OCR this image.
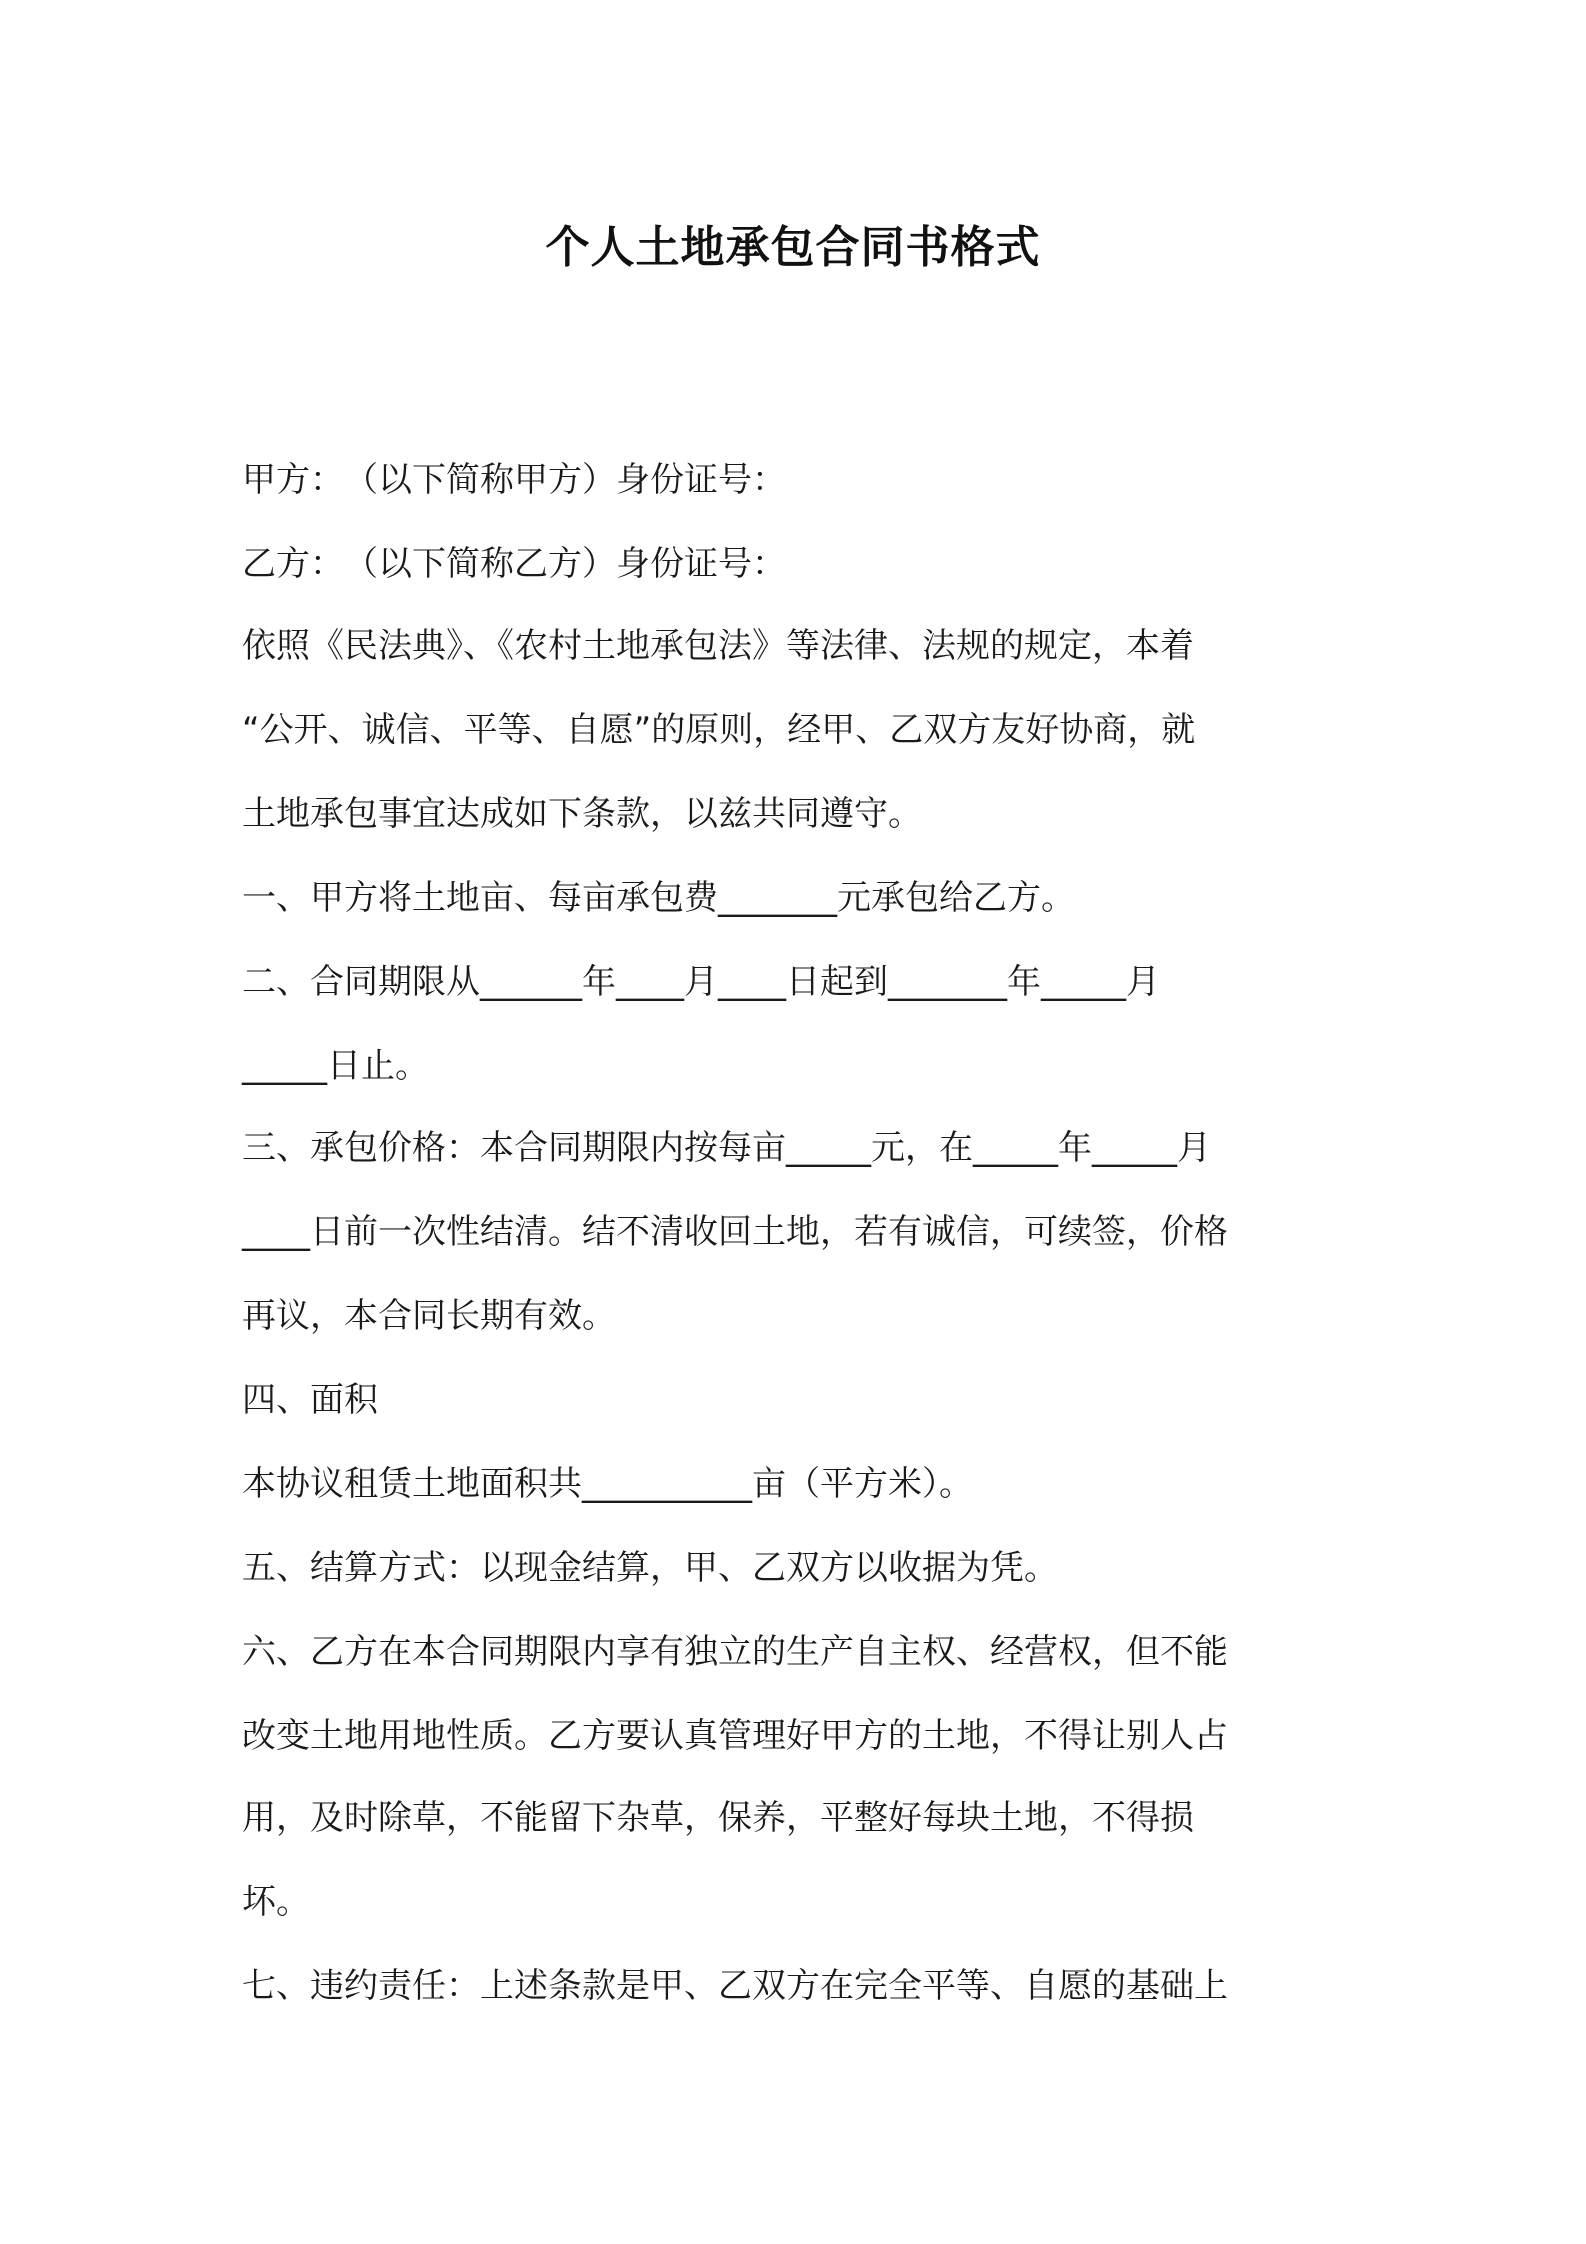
个人土地承包合同书格式

甲方：（以下简称甲方）身份证号：

乙方：（以下简称乙方）身份证号：

依照《民法典》、《农村土地承包法》等法律、法规的规定，本着

“公开、诚信、平等、自愿”的原则，经甲、乙双方友好协商，就

土地承包事宜达成如下条款，以兹共同遵守。

一、甲方将土地亩、每亩承包费_______元承包给乙方。

二、合同期限从______年____月____日起到_______年_____月

_____日止。

三、承包价格：本合同期限内按每亩_____元，在_____年_____月

____日前一次性结清。结不清收回土地，若有诚信，可续签，价格

再议，本合同长期有效。

四、面积

本协议租赁土地面积共__________亩（平方米）。

五、结算方式：以现金结算，甲、乙双方以收据为凭。

六、乙方在本合同期限内享有独立的生产自主权、经营权，但不能

改变土地用地性质。乙方要认真管理好甲方的土地，不得让别人占

用，及时除草，不能留下杂草，保养，平整好每块土地，不得损

坏。

七、违约责任：上述条款是甲、乙双方在完全平等、自愿的基础上
